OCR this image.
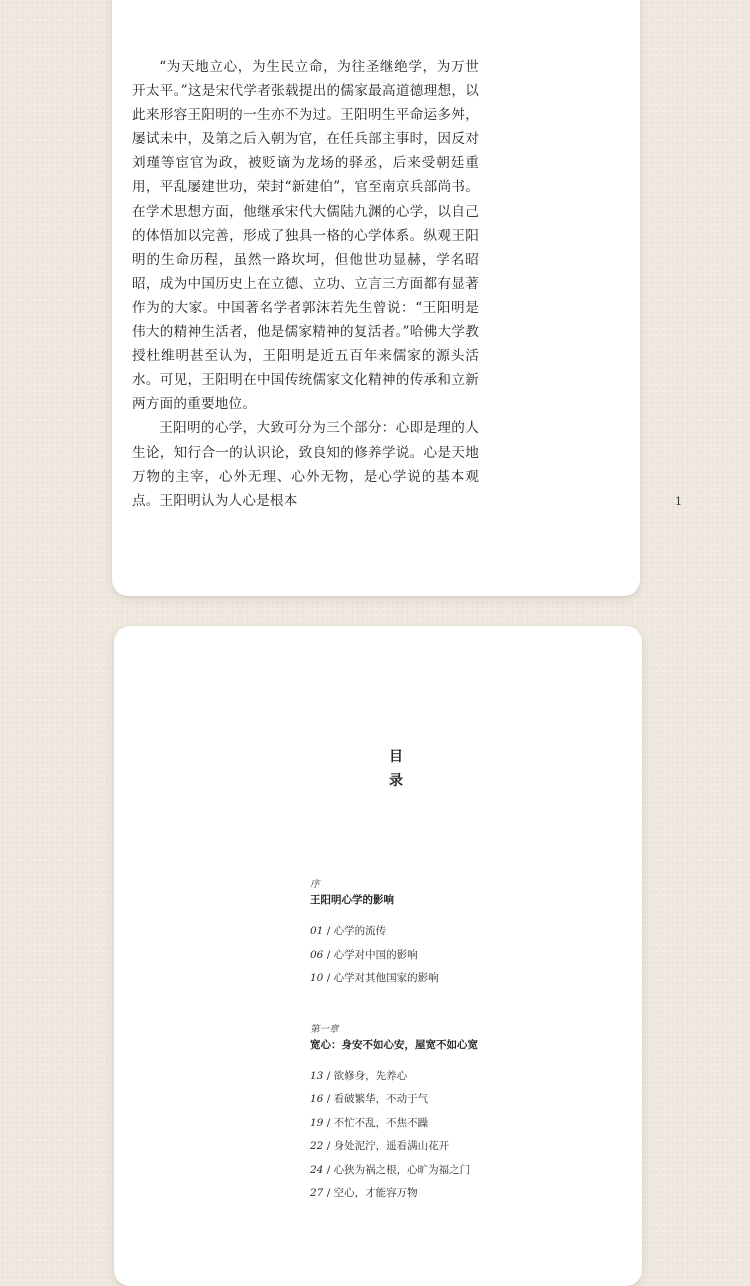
“为天地立心，为生民立命，为往圣继绝学，为万世开太平。”这是宋代学者张载提出的儒家最高道德理想，以此来形容王阳明的一生亦不为过。王阳明生平命运多舛，屡试未中，及第之后入朝为官，在任兵部主事时，因反对刘瑾等宦官为政，被贬谪为龙场的驿丞，后来受朝廷重用，平乱屡建世功，荣封“新建伯”，官至南京兵部尚书。在学术思想方面，他继承宋代大儒陆九渊的心学，以自己的体悟加以完善，形成了独具一格的心学体系。纵观王阳明的生命历程，虽然一路坎坷，但他世功显赫，学名昭昭，成为中国历史上在立德、立功、立言三方面都有显著作为的大家。中国著名学者郭沫若先生曾说：“王阳明是伟大的精神生活者，他是儒家精神的复活者。”哈佛大学教授杜维明甚至认为，王阳明是近五百年来儒家的源头活水。可见，王阳明在中国传统儒家文化精神的传承和立新两方面的重要地位。

王阳明的心学，大致可分为三个部分：心即是理的人生论，知行合一的认识论，致良知的修养学说。心是天地万物的主宰，心外无理、心外无物，是心学说的基本观点。王阳明认为人心是根本	1
目
录
序
王阳明心学的影响
01 / 心学的流传
06 / 心学对中国的影响
10 / 心学对其他国家的影响
第一章
宽心：身安不如心安，屋宽不如心宽
13 / 欲修身，先养心
16 / 看破繁华，不动于气
19 / 不忙不乱，不焦不躁
22 / 身处泥泞，遥看满山花开
24 / 心狭为祸之根，心旷为福之门
27 / 空心，才能容万物
